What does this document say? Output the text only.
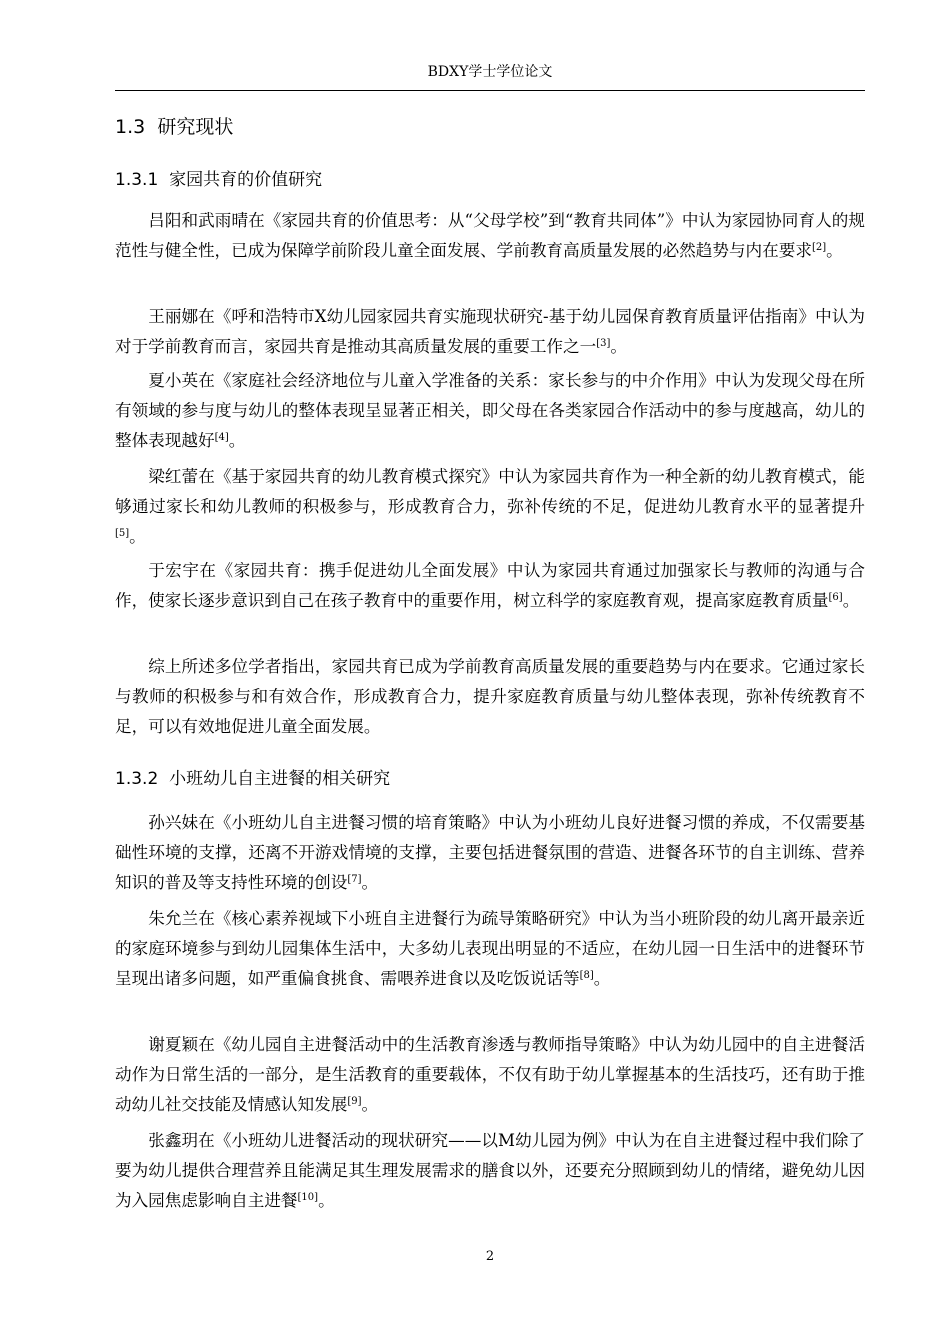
BDXY学士学位论文
1.3 研究现状
1.3.1 家园共育的价值研究

吕阳和武雨晴在《家园共育的价值思考：从“父母学校”到“教育共同体”》中认为家园协同育人的规范性与健全性，已成为保障学前阶段儿童全面发展、学前教育高质量发展的必然趋势与内在要求[2]。

王丽娜在《呼和浩特市X幼儿园家园共育实施现状研究-基于幼儿园保育教育质量评估指南》中认为对于学前教育而言，家园共育是推动其高质量发展的重要工作之一[3]。

夏小英在《家庭社会经济地位与儿童入学准备的关系：家长参与的中介作用》中认为发现父母在所有领域的参与度与幼儿的整体表现呈显著正相关，即父母在各类家园合作活动中的参与度越高，幼儿的整体表现越好[4]。

梁红蕾在《基于家园共育的幼儿教育模式探究》中认为家园共育作为一种全新的幼儿教育模式，能够通过家长和幼儿教师的积极参与，形成教育合力，弥补传统的不足，促进幼儿教育水平的显著提升[5]。

于宏宇在《家园共育：携手促进幼儿全面发展》中认为家园共育通过加强家长与教师的沟通与合作，使家长逐步意识到自己在孩子教育中的重要作用，树立科学的家庭教育观，提高家庭教育质量[6]。

综上所述多位学者指出，家园共育已成为学前教育高质量发展的重要趋势与内在要求。它通过家长与教师的积极参与和有效合作，形成教育合力，提升家庭教育质量与幼儿整体表现，弥补传统教育不足，可以有效地促进儿童全面发展。

1.3.2 小班幼儿自主进餐的相关研究

孙兴妹在《小班幼儿自主进餐习惯的培育策略》中认为小班幼儿良好进餐习惯的养成，不仅需要基础性环境的支撑，还离不开游戏情境的支撑，主要包括进餐氛围的营造、进餐各环节的自主训练、营养知识的普及等支持性环境的创设[7]。

朱允兰在《核心素养视域下小班自主进餐行为疏导策略研究》中认为当小班阶段的幼儿离开最亲近的家庭环境参与到幼儿园集体生活中，大多幼儿表现出明显的不适应，在幼儿园一日生活中的进餐环节呈现出诸多问题，如严重偏食挑食、需喂养进食以及吃饭说话等[8]。

谢夏颖在《幼儿园自主进餐活动中的生活教育渗透与教师指导策略》中认为幼儿园中的自主进餐活动作为日常生活的一部分，是生活教育的重要载体，不仅有助于幼儿掌握基本的生活技巧，还有助于推动幼儿社交技能及情感认知发展[9]。

张鑫玥在《小班幼儿进餐活动的现状研究——以M幼儿园为例》中认为在自主进餐过程中我们除了要为幼儿提供合理营养且能满足其生理发展需求的膳食以外，还要充分照顾到幼儿的情绪，避免幼儿因为入园焦虑影响自主进餐[10]。

2
